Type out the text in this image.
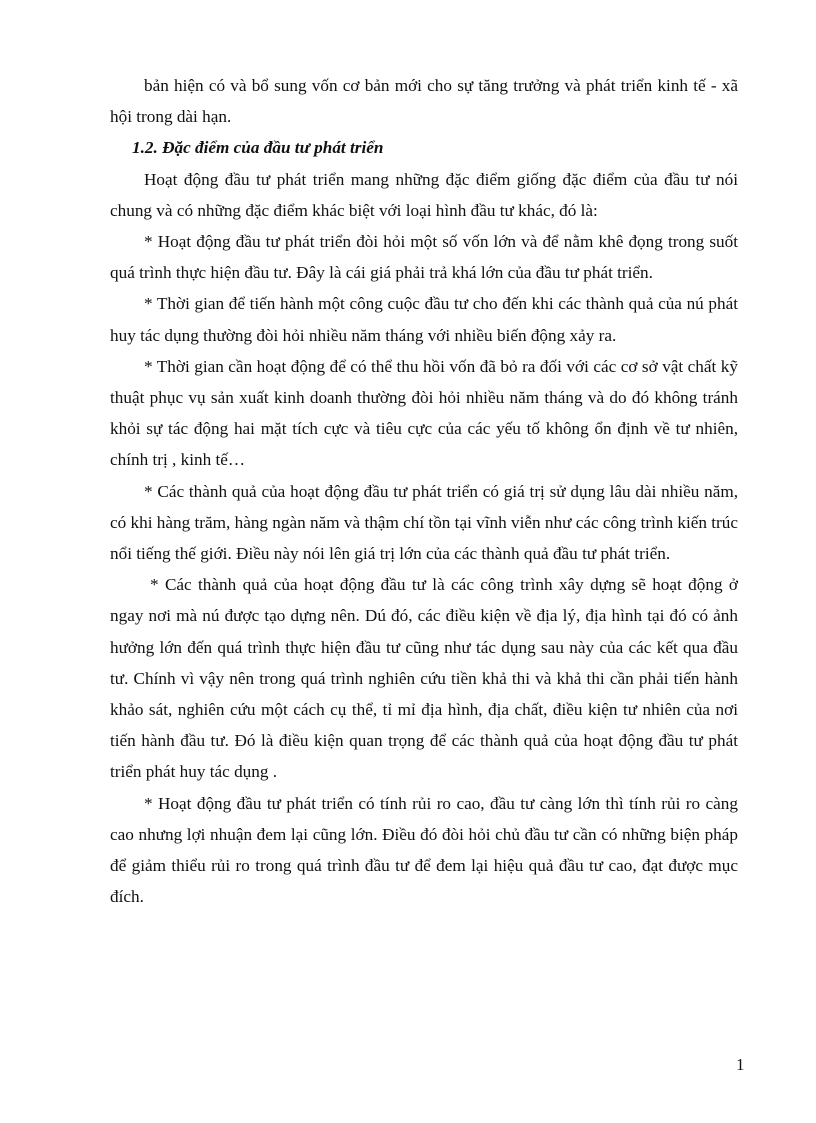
bản hiện có và bổ sung vốn cơ bản mới cho sự tăng trưởng và phát triển kinh tế - xã hội trong dài hạn.

1.2. Đặc điểm của đầu tư phát triển

Hoạt động đầu tư phát triển mang những đặc điểm giống đặc điểm của đầu tư nói chung và có những đặc điểm khác biệt với loại hình đầu tư khác, đó là:

* Hoạt động đầu tư phát triển đòi hỏi một số vốn lớn và để nằm khê đọng trong suốt quá trình thực hiện đầu tư. Đây là cái giá phải trả khá lớn của đầu tư phát triển.

* Thời gian để tiến hành một công cuộc đầu tư cho đến khi các thành quả của nú phát huy tác dụng thường đòi hỏi nhiều năm tháng với nhiều biến động xảy ra.

* Thời gian cần hoạt động để có thể thu hồi vốn đã bỏ ra đối với các cơ sở vật chất kỹ thuật phục vụ sản xuất kinh doanh thường đòi hỏi nhiều năm tháng và do đó không tránh khỏi sự tác động hai mặt tích cực và tiêu cực của các yếu tố không ổn định về tư nhiên, chính trị , kinh tế…

* Các thành quả của hoạt động đầu tư phát triển có giá trị sử dụng lâu dài nhiều năm, có khi hàng trăm, hàng ngàn năm và thậm chí tồn tại vĩnh viễn như các công trình kiến trúc nổi tiếng thế giới. Điều này nói lên giá trị lớn của các thành quả đầu tư phát triển.

* Các thành quả của hoạt động đầu tư là các công trình xây dựng sẽ hoạt động ở ngay nơi mà nú được tạo dựng nên. Dú đó, các điều kiện về địa lý, địa hình tại đó có ảnh hưởng lớn đến quá trình thực hiện đầu tư cũng như tác dụng sau này của các kết qua đầu tư. Chính vì vậy nên trong quá trình nghiên cứu tiền khả thi và khả thi cần phải tiến hành khảo sát, nghiên cứu một cách cụ thể, tỉ mỉ địa hình, địa chất, điều kiện tư nhiên của nơi tiến hành đầu tư. Đó là điều kiện quan trọng để các thành quả của hoạt động đầu tư phát triển phát huy tác dụng .

* Hoạt động đầu tư phát triển có tính rủi ro cao, đầu tư càng lớn thì tính rủi ro càng cao nhưng lợi nhuận đem lại cũng lớn. Điều đó đòi hỏi chủ đầu tư cần có những biện pháp để giảm thiểu rủi ro trong quá trình đầu tư để đem lại hiệu quả đầu tư cao, đạt được mục đích.

1
